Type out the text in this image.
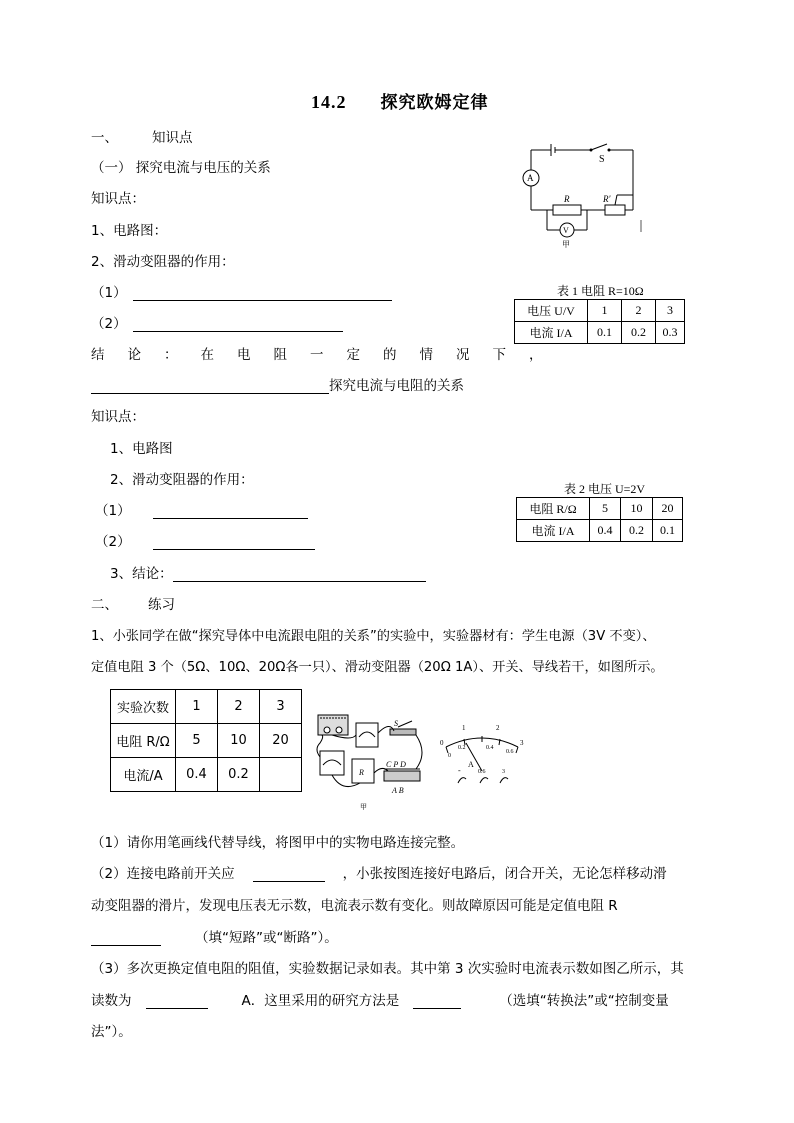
14.2 探究欧姆定律
一、	知识点
（一） 探究电流与电压的关系
知识点：
1、电路图：
2、滑动变阻器的作用：
（1）
（2）
结论：在电阻一定的情况下，
探究电流与电阻的关系
知识点：
1、电路图
2、滑动变阻器的作用：
（1）
（2）
3、结论：
二、 练习
1、小张同学在做“探究导体中电流跟电阻的关系”的实验中，实验器材有：学生电源（3V 不变）、
定值电阻 3 个（5Ω、10Ω、20Ω各一只）、滑动变阻器（20Ω 1A）、开关、导线若干，如图所示。
（1）请你用笔画线代替导线，将图甲中的实物电路连接完整。
（2）连接电路前开关应	，小张按图连接好电路后，闭合开关，无论怎样移动滑
动变阻器的滑片，发现电压表无示数，电流表示数有变化。则故障原因可能是定值电阻 R
（填“短路”或“断路”）。
（3）多次更换定值电阻的阻值，实验数据记录如表。其中第 3 次实验时电流表示数如图乙所示，其
读数为	A．这里采用的研究方法是	（选填“转换法”或“控制变量
法”）。
A
V
S
R	R'
甲
表 1 电阻 R=10Ω
电压 U/V	1	2	3
电流 I/A	0.1	0.2	0.3
表 2 电压 U=2V
电阻 R/Ω	5	10	20
电流 I/A	0.4	0.2	0.1
实验次数	1	2	3
电阻 R/Ω	5	10	20
电流/A	0.4	0.2	
S
C P D
A B
R
甲
1	2
0	3
0.2	0.4
0.6
0
A
-	0.6	3
